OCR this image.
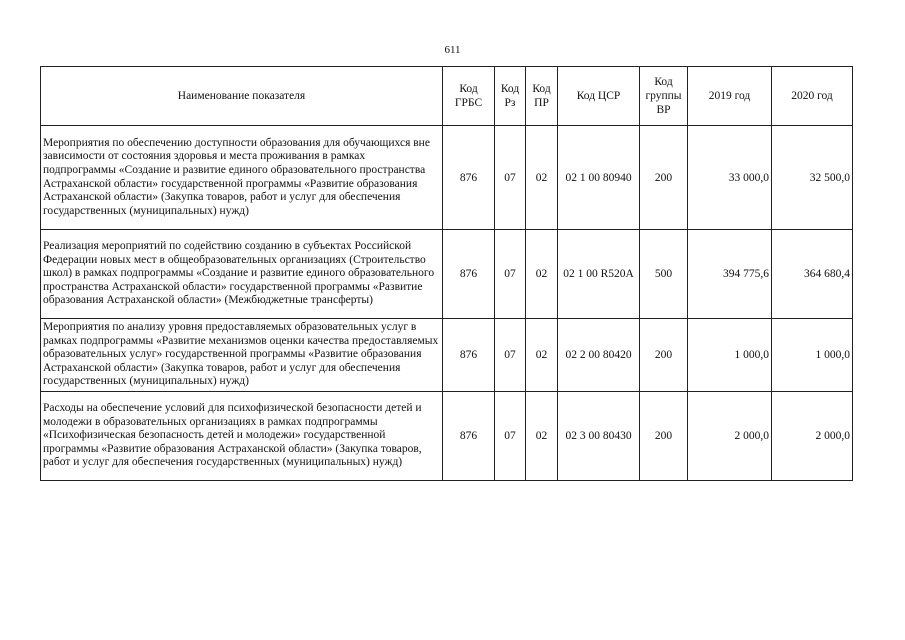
611
Наименование показателя	Код ГРБС	Код Рз	Код ПР	Код ЦСР	Код группы ВР	2019 год	2020 год
Мероприятия по обеспечению доступности образования для обучающихся вне зависимости от состояния здоровья и места проживания в рамках подпрограммы «Создание и развитие единого образовательного пространства Астраханской области» государственной программы «Развитие образования Астраханской области» (Закупка товаров, работ и услуг для обеспечения государственных (муниципальных) нужд)	876	07	02	02 1 00 80940	200	33 000,0	32 500,0
Реализация мероприятий по содействию созданию в субъектах Российской Федерации новых мест в общеобразовательных организациях (Строительство школ) в рамках подпрограммы «Создание и развитие единого образовательного пространства Астраханской области» государственной программы «Развитие образования Астраханской области» (Межбюджетные трансферты)	876	07	02	02 1 00 R520A	500	394 775,6	364 680,4
Мероприятия по анализу уровня предоставляемых образовательных услуг в рамках подпрограммы «Развитие механизмов оценки качества предоставляемых образовательных услуг» государственной программы «Развитие образования Астраханской области» (Закупка товаров, работ и услуг для обеспечения государственных (муниципальных) нужд)	876	07	02	02 2 00 80420	200	1 000,0	1 000,0
Расходы на обеспечение условий для психофизической безопасности детей и молодежи в образовательных организациях в рамках подпрограммы «Психофизическая безопасность детей и молодежи» государственной программы «Развитие образования Астраханской области» (Закупка товаров, работ и услуг для обеспечения государственных (муниципальных) нужд)	876	07	02	02 3 00 80430	200	2 000,0	2 000,0
